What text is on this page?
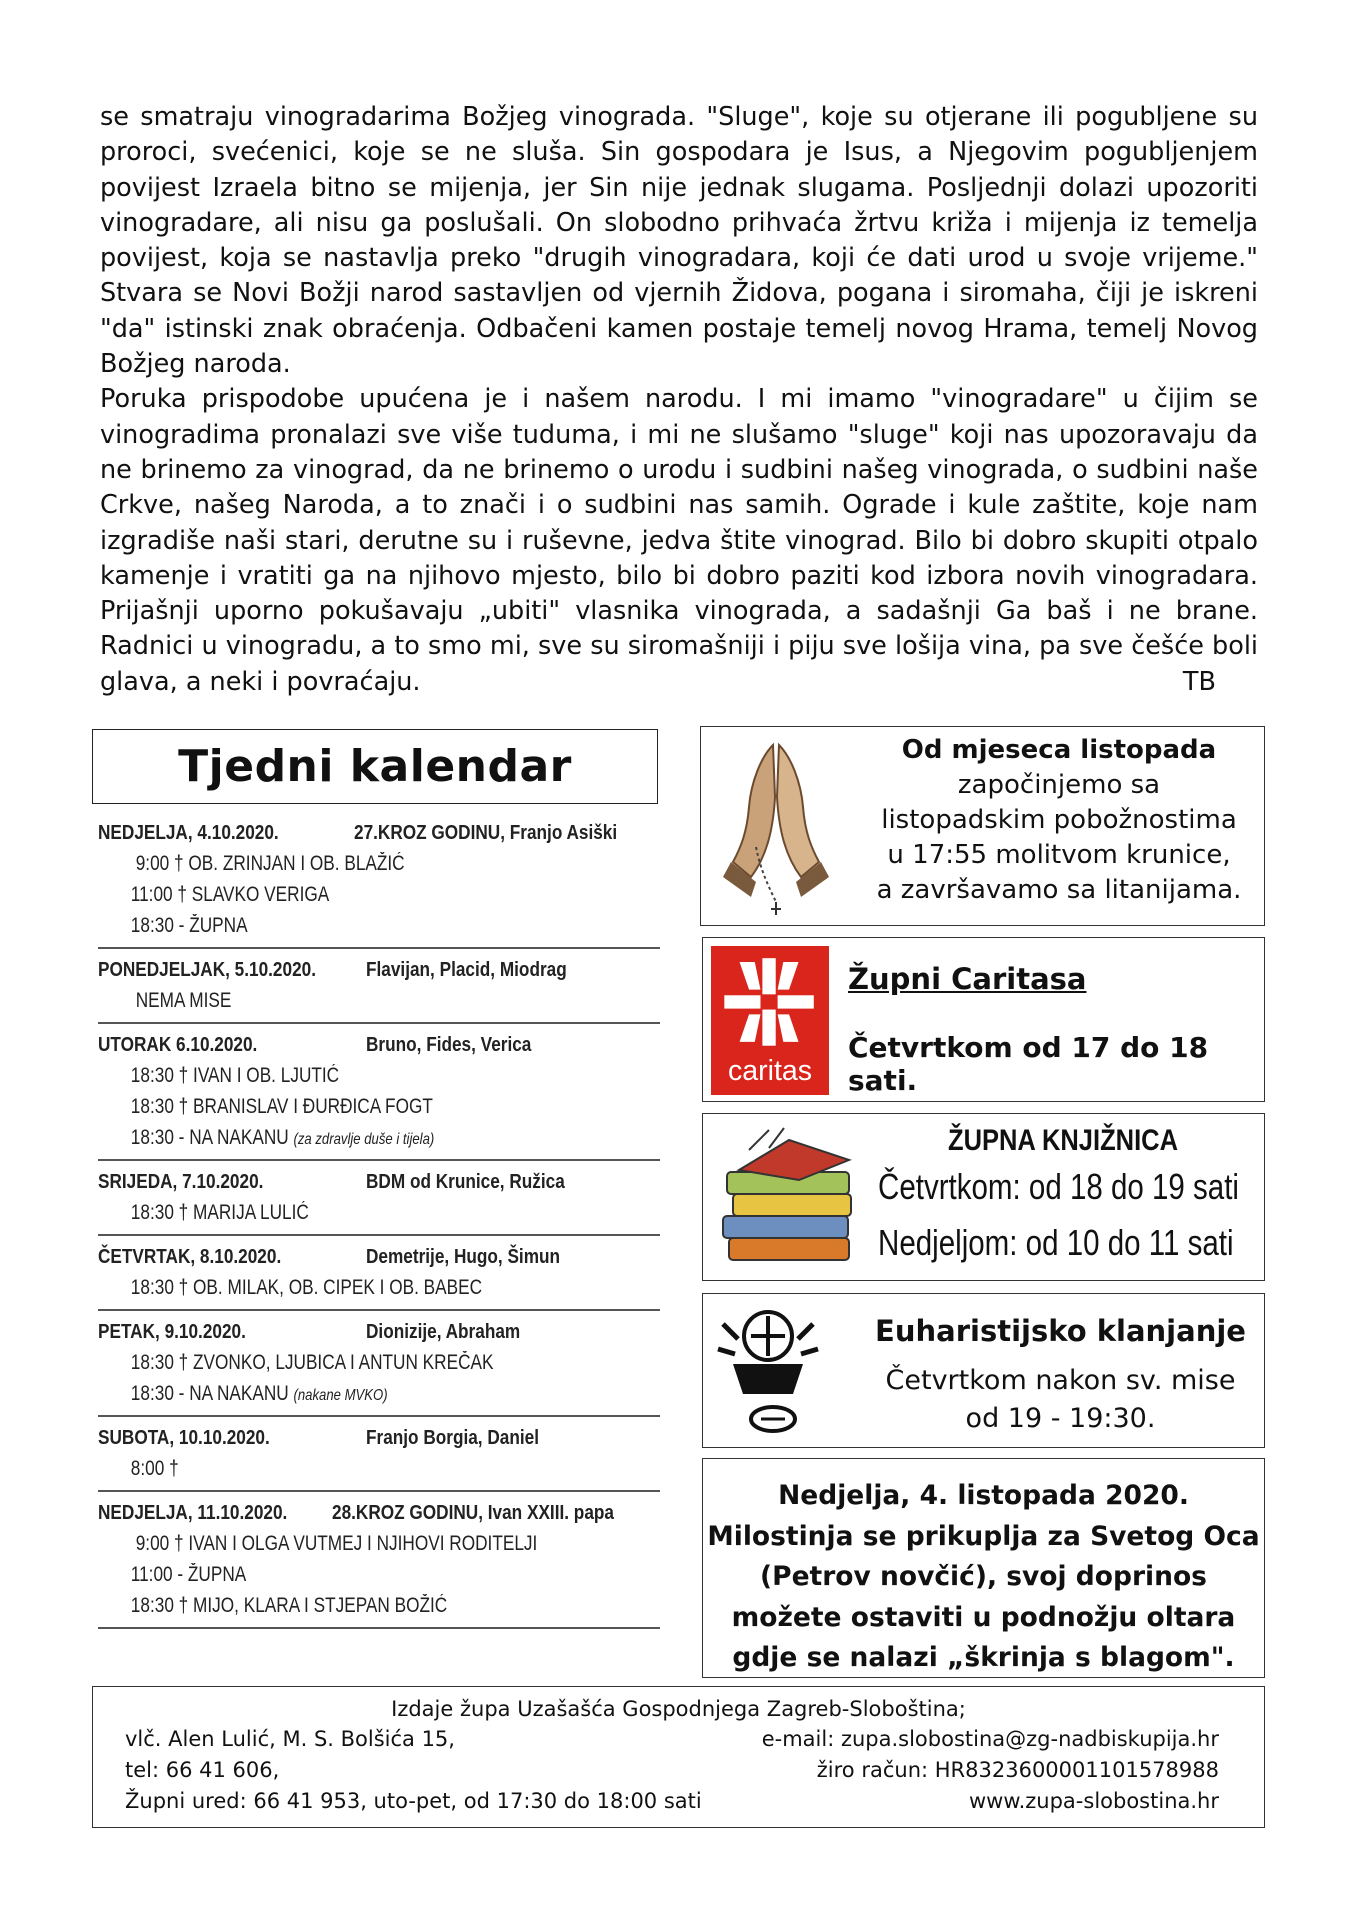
se smatraju vinogradarima Božjeg vinograda. "Sluge", koje su otjerane ili pogubljene su proroci, svećenici, koje se ne sluša. Sin gospodara je Isus, a Njegovim pogubljenjem povijest Izraela bitno se mijenja, jer Sin nije jednak slugama. Posljednji dolazi upozoriti vinogradare, ali nisu ga poslušali. On slobodno prihvaća žrtvu križa i mijenja iz temelja povijest, koja se nastavlja preko "drugih vinogradara, koji će dati urod u svoje vrijeme." Stvara se Novi Božji narod sastavljen od vjernih Židova, pogana i siromaha, čiji je iskreni "da" istinski znak obraćenja. Odbačeni kamen postaje temelj novog Hrama, temelj Novog Božjeg naroda.

Poruka prispodobe upućena je i našem narodu. I mi imamo "vinogradare" u čijim se vinogradima pronalazi sve više tuduma, i mi ne slušamo "sluge" koji nas upozoravaju da ne brinemo za vinograd, da ne brinemo o urodu i sudbini našeg vinograda, o sudbini naše Crkve, našeg Naroda, a to znači i o sudbini nas samih. Ograde i kule zaštite, koje nam izgradiše naši stari, derutne su i ruševne, jedva štite vinograd. Bilo bi dobro skupiti otpalo kamenje i vratiti ga na njihovo mjesto, bilo bi dobro paziti kod izbora novih vinogradara. Prijašnji uporno pokušavaju „ubiti" vlasnika vinograda, a sadašnji Ga baš i ne brane. Radnici u vinogradu, a to smo mi, sve su siromašniji i piju sve lošija vina, pa sve češće boli glava, a neki i povraćaju.	TB
Tjedni kalendar
NEDJELJA, 4.10.2020.	27.KROZ GODINU, Franjo Asiški
9:00 † OB. ZRINJAN I OB. BLAŽIĆ
11:00 † SLAVKO VERIGA
18:30 - ŽUPNA
PONEDJELJAK, 5.10.2020.	Flavijan, Placid, Miodrag
NEMA MISE
UTORAK 6.10.2020.	Bruno, Fides, Verica
18:30 † IVAN I OB. LJUTIĆ
18:30 † BRANISLAV I ĐURĐICA FOGT
18:30 - NA NAKANU (za zdravlje duše i tijela)
SRIJEDA, 7.10.2020.	BDM od Krunice, Ružica
18:30 † MARIJA LULIĆ
ČETVRTAK, 8.10.2020.	Demetrije, Hugo, Šimun
18:30 † OB. MILAK, OB. CIPEK I OB. BABEC
PETAK, 9.10.2020.	Dionizije, Abraham
18:30 † ZVONKO, LJUBICA I ANTUN KREČAK
18:30 - NA NAKANU (nakane MVKO)
SUBOTA, 10.10.2020.	Franjo Borgia, Daniel
8:00 †
NEDJELJA, 11.10.2020.	28.KROZ GODINU, Ivan XXIII. papa
9:00 † IVAN I OLGA VUTMEJ I NJIHOVI RODITELJI
11:00 - ŽUPNA
18:30 † MIJO, KLARA I STJEPAN BOŽIĆ
Od mjeseca listopada
započinjemo sa
listopadskim pobožnostima
u 17:55 molitvom krunice,
a završavamo sa litanijama.
caritas
Župni Caritasa
Četvrtkom od 17 do 18 sati.
ŽUPNA KNJIŽNICA
Četvrtkom: od 18 do 19 sati
Nedjeljom: od 10 do 11 sati
Euharistijsko klanjanje
Četvrtkom nakon sv. mise
od 19 - 19:30.
Nedjelja, 4. listopada 2020.
Milostinja se prikuplja za Svetog Oca
(Petrov novčić), svoj doprinos
možete ostaviti u podnožju oltara
gdje se nalazi „škrinja s blagom".
Izdaje župa Uzašašća Gospodnjega Zagreb-Sloboština;
vlč. Alen Lulić, M. S. Bolšića 15,	e-mail: zupa.slobostina@zg-nadbiskupija.hr
tel: 66 41 606,	žiro račun: HR8323600001101578988
Župni ured: 66 41 953, uto-pet, od 17:30 do 18:00 sati	www.zupa-slobostina.hr
